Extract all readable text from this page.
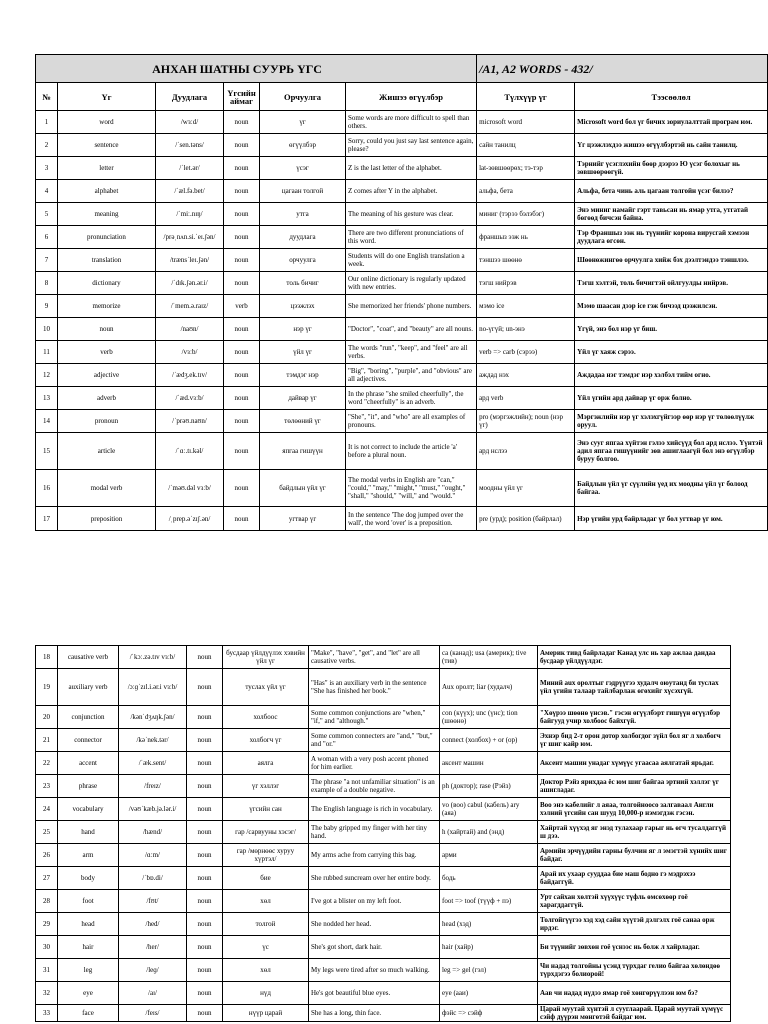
АНХАН ШАТНЫ СУУРЬ ҮГС						/A1, A2 WORDS - 432/	
№	Үг	Дуудлага	Үгсийн аймаг	Орчуулга	Жишээ өгүүлбэр	Түлхүүр үг	Тээсөөлөл
1	word	/wɜːd/	noun	үг	Some words are more difficult to spell than others.	microsoft word	Microsoft word бол үг бичих зориулалттай програм юм.
2	sentence	/ˈsen.təns/	noun	өгүүлбэр	Sorry, could you just say last sentence again, please?	сайн танилц	Үг цээжлэхдээ жишээ өгүүлбэртэй нь сайн танилц.
3	letter	/ˈlet.ər/	noun	үсэг	Z is the last letter of the alphabet.	lat-зөвшөөрөх; тэ-тэр	Тэрнийг үсэглэхийн бөөр дээрээ Ю үсэг болохыг нь зөвшөөрөөгүй.
4	alphabet	/ˈæl.fə.bet/	noun	цагаан толгой	Z comes after Y in the alphabet.	альфа, бета	Альфа, бета чинь аль цагаан толгойн үсэг билээ?
5	meaning	/ˈmiː.nɪŋ/	noun	утга	The meaning of his gesture was clear.	миниг (тэрээ бэлэбэг)	Энэ миниг намайг гэрт тавьсан нь ямар утга, утгатай бөгөөд бичсэн байна.
6	pronunciation	/prəˌnʌn.si.ˈeɪ.ʃən/	noun	дуудлага	There are two different pronunciations of this word.	франшыз ээж нь	Тэр Франшыз ээж нь түүнийг корона вирусгай хэмээн дуудлага өгсөн.
7	translation	/trænsˈleɪ.ʃən/	noun	орчуулга	Students will do one English translation a week.	тэншээ шөөнө	Шөөнөжингөө орчуулга хийж бэх дээлтэндээ тэншлээ.
8	dictionary	/ˈdɪk.ʃən.ər.i/	noun	толь бичиг	Our online dictionary is regularly updated with new entries.	тэгш нийрэв	Тэгш хэлтэй, толь бичигтэй ойлгуулды нийрэв.
9	memorize	/ˈmem.ə.raɪz/	verb	цээжлэх	She memorized her friends' phone numbers.	мэмо ice	Мэмо шаасан дээр ice гэж бичээд цээжилсэн.
10	noun	/naʊn/	noun	нэр үг	"Doctor", "coat", and "beauty" are all nouns.	no-үгүй; un-энэ	Үгүй, энэ бол нэр үг биш.
11	verb	/vɜːb/	noun	үйл үг	The words "run", "keep", and "feel" are all verbs.	verb => carb (сэрээ)	Үйл үг хаяж сэрээ.
12	adjective	/ˈædʒ.ek.tɪv/	noun	тэмдэг нэр	"Big", "boring", "purple", and "obvious" are all adjectives.	аждад нэх	Аждадаа нэг тэмдэг нэр хэлбэл тийм огно.
13	adverb	/ˈæd.vɜːb/	noun	дайвар үг	In the phrase "she smiled cheerfully", the word "cheerfully" is an adverb.	ард verb	Үйл үгийн ард дайвар үг орж болно.
14	pronoun	/ˈprəʊ.naʊn/	noun	төлөөний үг	"She", "it", and "who" are all examples of pronouns.	pro (мэргэжлийн); noun (нэр үг)	Мэргэжлийн нэр үг хэлэхгүйгээр өөр нэр үг төлөөлүүлж оруул.
15	article	/ˈɑː.tɪ.kəl/	noun	япгаа гишүүн	It is not correct to include the article 'a' before a plural noun.	ард нслээ	Энэ сууг япгаа хүйтэн гэлээ хийсүүд бол ард нслээ. Үүнтэй адил япгаа гишүүнийг зөв ашиглаагүй бол энэ өгүүлбэр буруу болгоо.
16	modal verb	/ˈməʊ.dəl vɜːb/	noun	байдлын үйл үг	The modal verbs in English are "can," "could," "may," "might," "must," "ought," "shall," "should," "will," and "would."	моодны үйл үг	Байдлын үйл үг сүүлийн үед их моодны үйл үг болоод байгаа.
17	preposition	/ˌprep.əˈzɪʃ.ən/	noun	угтвар үг	In the sentence 'The dog jumped over the wall', the word 'over' is a preposition.	pre (урд); position (байрлал)	Нэр үгийн урд байрладаг үг бол угтвар үг юм.
18	causative verb	/ˈkɔː.zə.tɪv vɜːb/	noun	бусдаар үйлдүүлэх хэвийн үйл үг	"Make", "have", "get", and "let" are all causative verbs.	ca (канад); usa (америк); tive (тив)	Америк тивд байрладаг Канад улс нь хар ажлаа дандаа бусдаар үйлдүүлдэг.
19	auxiliary verb	/ɔːɡˈzɪl.i.ər.i vɜːb/	noun	туслах үйл үг	"Has" is an auxiliary verb in the sentence "She has finished her book."	Aux оролт; liar (худалч)	Миний aux оролтыг гэдрүүгээ худалч оюутанд би туслах үйл үгийн талаар тайлбарлаж өгөхийг хүсэхгүй.
20	conjunction	/kənˈdʒʌŋk.ʃən/	noun	холбоос	Some common conjunctions are "when," "if," and "although."	con (күүх); unc (үнс); tion (шөөнө)	"Хөүрээ шөөнө үнсэв." гэсэн өгүүлбэрт гишүүн өгүүлбэр байгууд учир холбоос байхгүй.
21	connector	/kəˈnek.tər/	noun	холбогч үг	Some common connecters are "and," "but," and "or."	connect (холбох) + or (ор)	Эхнэр бид 2-т орон дотор холбогдог зүйл бол яг л холбогч үг шиг кайр юм.
22	accent	/ˈæk.sent/	noun	аялга	A woman with a very posh accent phoned for him earlier.	аксент машин	Аксент машин унадаг хүмүүс угаасаа аялгатай ярьдаг.
23	phrase	/freɪz/	noun	үг хэллэг	The phrase "a not unfamiliar situation" is an example of a double negative.	ph (доктор); rase (Рэйз)	Доктор Рэйз ярихдаа ёс юм шиг байгаа эртний хэллэг үг ашигладаг.
24	vocabulary	/vəʊˈkæb.jə.lər.i/	noun	үгсийн сан	The English language is rich in vocabulary.	vo (воо) cabul (кабель) ary (аяа)	Воо энэ кабелийг л аяаа, толгойноосо залгаваал Англи хэлний үгсийн сан шууд 10,000-р нэмэгдэж гэсэн.
25	hand	/hænd/	noun	гар /сарвууны хэсэг/	The baby gripped my finger with her tiny hand.	h (хайртай) and (энд)	Хайртай хүүхэд яг энэд тулахаар гарыг нь өгч тусалдаггүй ш дээ.
26	arm	/ɑːm/	noun	гар /мөрнөөс хуруу хүртэл/	My arms ache from carrying this bag.	арми	Армийн эрчүүдийн гарны булчин яг л эмэгтэй хүнийх шиг байдаг.
27	body	/ˈbɒ.di/	noun	бие	She rubbed suncream over her entire body.	бодь	Арай их ухаар сууддаа бие маш бодно гэ мэдрэхээ байдаггүй.
28	foot	/fʊt/	noun	хөл	I've got a blister on my left foot.	foot => toof (түүф + пэ)	Урт сайхан хөлтэй хүүхүүс түфль өмсөхөөр гоё харагддаггүй.
29	head	/hed/	noun	толгой	She nodded her head.	head (хэд)	Толгойгүүгээ хэд хэд сайн хүүтэй дэлгэлх гоё санаа орж ирдэг.
30	hair	/her/	noun	үс	She's got short, dark hair.	hair (хайр)	Би түүнийг зөвхөн гоё үснээс нь болж л хайрладаг.
31	leg	/leɡ/	noun	хөл	My legs were tired after so much walking.	leg => gel (гэл)	Чи надад толгойны үсэнд түрхдаг гелио байгаа хөлөндөө түрхдэгээ болиорой!
32	eye	/aɪ/	noun	нүд	He's got beautiful blue eyes.	eye (ааи)	Аав чи надад нүдээ ямар гоё хөнгөрүүлээн юм бэ?
33	face	/feɪs/	noun	нүүр царай	She has a long, thin face.	фэйс => сэйф	Царай муутай хүнтэй л сууглаарай. Царай муутай хүмүүс сэйф дүүрэн мөнгөтэй байдаг юм.
